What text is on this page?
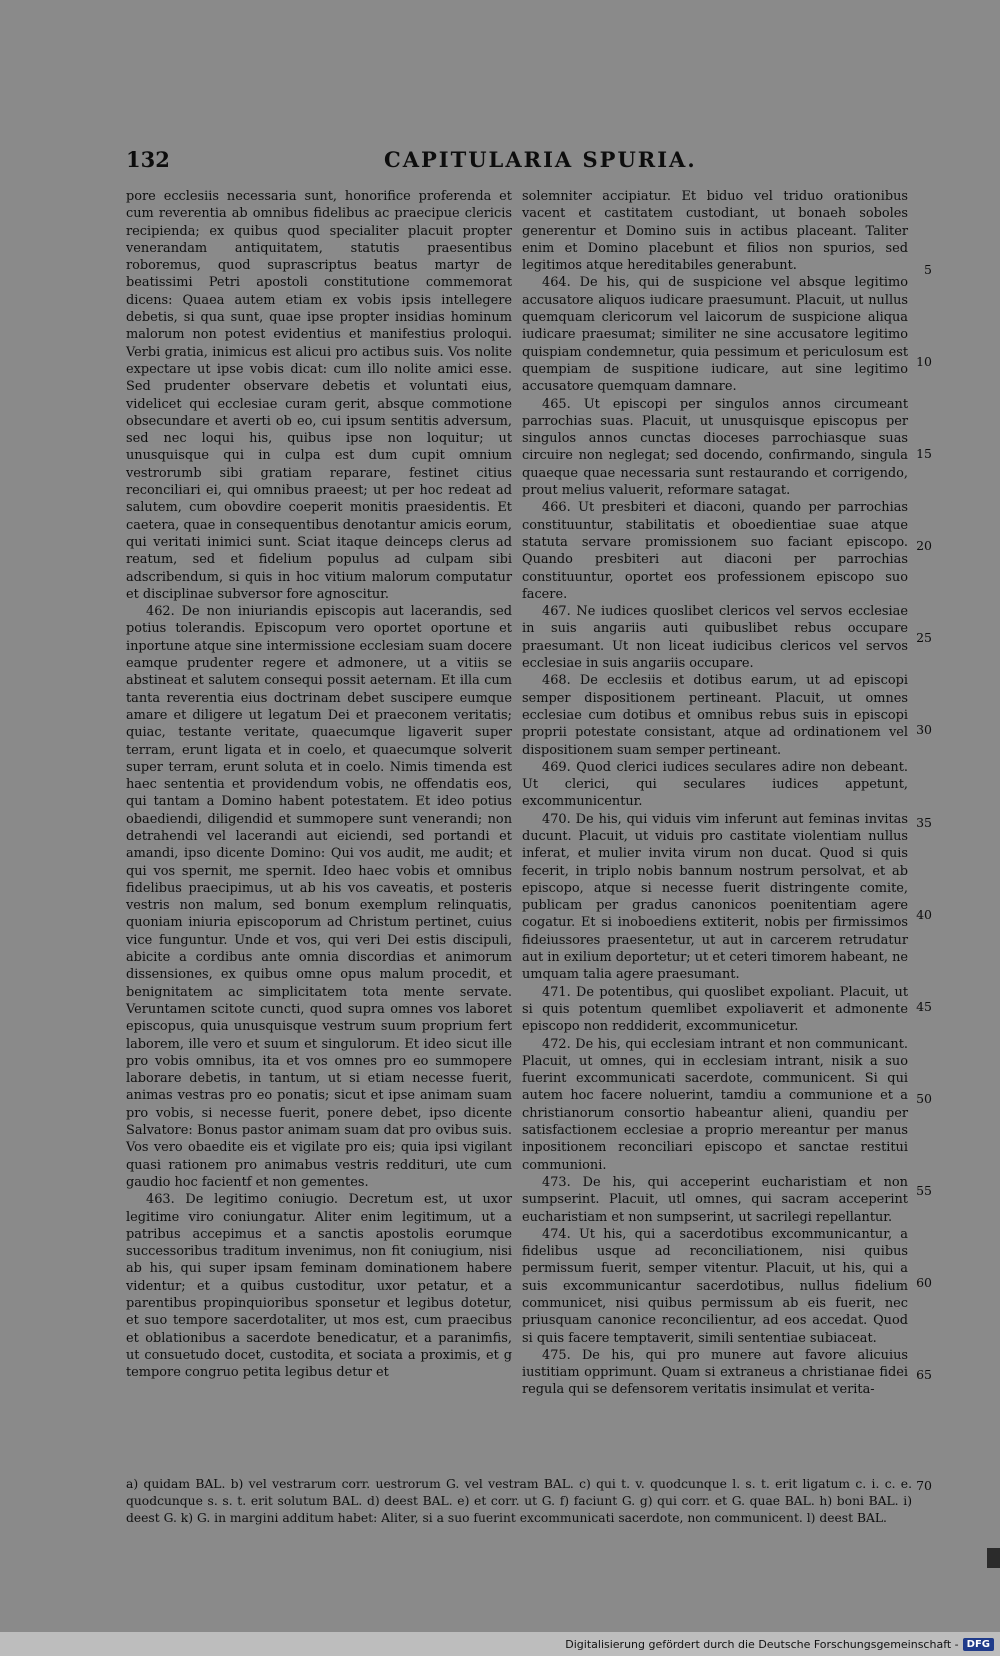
132	CAPITULARIA SPURIA.

pore ecclesiis necessaria sunt, honorifice proferenda et cum reverentia ab omnibus fidelibus ac praecipue clericis recipienda; ex quibus quod specialiter placuit propter venerandam antiquitatem, statutis praesentibus roboremus, quod suprascriptus beatus martyr de beatissimi Petri apostoli constitutione commemorat dicens: Quaea autem etiam ex vobis ipsis intellegere debetis, si qua sunt, quae ipse propter insidias hominum malorum non potest evidentius et manifestius proloqui. Verbi gratia, inimicus est alicui pro actibus suis. Vos nolite expectare ut ipse vobis dicat: cum illo nolite amici esse. Sed prudenter observare debetis et voluntati eius, videlicet qui ecclesiae curam gerit, absque commotione obsecundare et averti ob eo, cui ipsum sentitis adversum, sed nec loqui his, quibus ipse non loquitur; ut unusquisque qui in culpa est dum cupit omnium vestrorumb sibi gratiam reparare, festinet citius reconciliari ei, qui omnibus praeest; ut per hoc redeat ad salutem, cum obovdire coeperit monitis praesidentis. Et caetera, quae in consequentibus denotantur amicis eorum, qui veritati inimici sunt. Sciat itaque deinceps clerus ad reatum, sed et fidelium populus ad culpam sibi adscribendum, si quis in hoc vitium malorum computatur et disciplinae subversor fore agnoscitur.

462. De non iniuriandis episcopis aut lacerandis, sed potius tolerandis. Episcopum vero oportet oportune et inportune atque sine intermissione ecclesiam suam docere eamque prudenter regere et admonere, ut a vitiis se abstineat et salutem consequi possit aeternam. Et illa cum tanta reverentia eius doctrinam debet suscipere eumque amare et diligere ut legatum Dei et praeconem veritatis; quiac, testante veritate, quaecumque ligaverit super terram, erunt ligata et in coelo, et quaecumque solverit super terram, erunt soluta et in coelo. Nimis timenda est haec sententia et providendum vobis, ne offendatis eos, qui tantam a Domino habent potestatem. Et ideo potius obaediendi, diligendid et summopere sunt venerandi; non detrahendi vel lacerandi aut eiciendi, sed portandi et amandi, ipso dicente Domino: Qui vos audit, me audit; et qui vos spernit, me spernit. Ideo haec vobis et omnibus fidelibus praecipimus, ut ab his vos caveatis, et posteris vestris non malum, sed bonum exemplum relinquatis, quoniam iniuria episcoporum ad Christum pertinet, cuius vice funguntur. Unde et vos, qui veri Dei estis discipuli, abicite a cordibus ante omnia discordias et animorum dissensiones, ex quibus omne opus malum procedit, et benignitatem ac simplicitatem tota mente servate. Veruntamen scitote cuncti, quod supra omnes vos laboret episcopus, quia unusquisque vestrum suum proprium fert laborem, ille vero et suum et singulorum. Et ideo sicut ille pro vobis omnibus, ita et vos omnes pro eo summopere laborare debetis, in tantum, ut si etiam necesse fuerit, animas vestras pro eo ponatis; sicut et ipse animam suam pro vobis, si necesse fuerit, ponere debet, ipso dicente Salvatore: Bonus pastor animam suam dat pro ovibus suis. Vos vero obaedite eis et vigilate pro eis; quia ipsi vigilant quasi rationem pro animabus vestris reddituri, ute cum gaudio hoc facientf et non gementes.

463. De legitimo coniugio. Decretum est, ut uxor legitime viro coniungatur. Aliter enim legitimum, ut a patribus accepimus et a sanctis apostolis eorumque successoribus traditum invenimus, non fit coniugium, nisi ab his, qui super ipsam feminam dominationem habere videntur; et a quibus custoditur, uxor petatur, et a parentibus propinquioribus sponsetur et legibus dotetur, et suo tempore sacerdotaliter, ut mos est, cum praecibus et oblationibus a sacerdote benedicatur, et a paranimfis, ut consuetudo docet, custodita, et sociata a proximis, et g tempore congruo petita legibus detur et

solemniter accipiatur. Et biduo vel triduo orationibus vacent et castitatem custodiant, ut bonaeh soboles generentur et Domino suis in actibus placeant. Taliter enim et Domino placebunt et filios non spurios, sed legitimos atque hereditabiles generabunt.

464. De his, qui de suspicione vel absque legitimo accusatore aliquos iudicare praesumunt. Placuit, ut nullus quemquam clericorum vel laicorum de suspicione aliqua iudicare praesumat; similiter ne sine accusatore legitimo quispiam condemnetur, quia pessimum et periculosum est quempiam de suspitione iudicare, aut sine legitimo accusatore quemquam damnare.

465. Ut episcopi per singulos annos circumeant parrochias suas. Placuit, ut unusquisque episcopus per singulos annos cunctas dioceses parrochiasque suas circuire non neglegat; sed docendo, confirmando, singula quaeque quae necessaria sunt restaurando et corrigendo, prout melius valuerit, reformare satagat.

466. Ut presbiteri et diaconi, quando per parrochias constituuntur, stabilitatis et oboedientiae suae atque statuta servare promissionem suo faciant episcopo. Quando presbiteri aut diaconi per parrochias constituuntur, oportet eos professionem episcopo suo facere.

467. Ne iudices quoslibet clericos vel servos ecclesiae in suis angariis auti quibuslibet rebus occupare praesumant. Ut non liceat iudicibus clericos vel servos ecclesiae in suis angariis occupare.

468. De ecclesiis et dotibus earum, ut ad episcopi semper dispositionem pertineant. Placuit, ut omnes ecclesiae cum dotibus et omnibus rebus suis in episcopi proprii potestate consistant, atque ad ordinationem vel dispositionem suam semper pertineant.

469. Quod clerici iudices seculares adire non debeant. Ut clerici, qui seculares iudices appetunt, excommunicentur.

470. De his, qui viduis vim inferunt aut feminas invitas ducunt. Placuit, ut viduis pro castitate violentiam nullus inferat, et mulier invita virum non ducat. Quod si quis fecerit, in triplo nobis bannum nostrum persolvat, et ab episcopo, atque si necesse fuerit distringente comite, publicam per gradus canonicos poenitentiam agere cogatur. Et si inoboediens extiterit, nobis per firmissimos fideiussores praesentetur, ut aut in carcerem retrudatur aut in exilium deportetur; ut et ceteri timorem habeant, ne umquam talia agere praesumant.

471. De potentibus, qui quoslibet expoliant. Placuit, ut si quis potentum quemlibet expoliaverit et admonente episcopo non reddiderit, excommunicetur.

472. De his, qui ecclesiam intrant et non communicant. Placuit, ut omnes, qui in ecclesiam intrant, nisik a suo fuerint excommunicati sacerdote, communicent. Si qui autem hoc facere noluerint, tamdiu a communione et a christianorum consortio habeantur alieni, quandiu per satisfactionem ecclesiae a proprio mereantur per manus inpositionem reconciliari episcopo et sanctae restitui communioni.

473. De his, qui acceperint eucharistiam et non sumpserint. Placuit, utl omnes, qui sacram acceperint eucharistiam et non sumpserint, ut sacrilegi repellantur.

474. Ut his, qui a sacerdotibus excommunicantur, a fidelibus usque ad reconciliationem, nisi quibus permissum fuerit, semper vitentur. Placuit, ut his, qui a suis excommunicantur sacerdotibus, nullus fidelium communicet, nisi quibus permissum ab eis fuerit, nec priusquam canonice reconcilientur, ad eos accedat. Quod si quis facere temptaverit, simili sententiae subiaceat.

475. De his, qui pro munere aut favore alicuius iustitiam opprimunt. Quam si extraneus a christianae fidei regula qui se defensorem veritatis insimulat et verita-

5
10
15
20
25
30
35
40
45
50
55
60
65
a) quidam BAL. b) vel vestrarum corr. uestrorum G. vel vestram BAL. c) qui t. v. quodcunque l. s. t. erit ligatum c. i. c. e. quodcunque s. s. t. erit solutum BAL. d) deest BAL. e) et corr. ut G. f) faciunt G. g) qui corr. et G. quae BAL. h) boni BAL. i) deest G. k) G. in margini additum habet: Aliter, si a suo fuerint excommunicati sacerdote, non communicent. l) deest BAL.
70
Digitalisierung gefördert durch die Deutsche Forschungsgemeinschaft - DFG
